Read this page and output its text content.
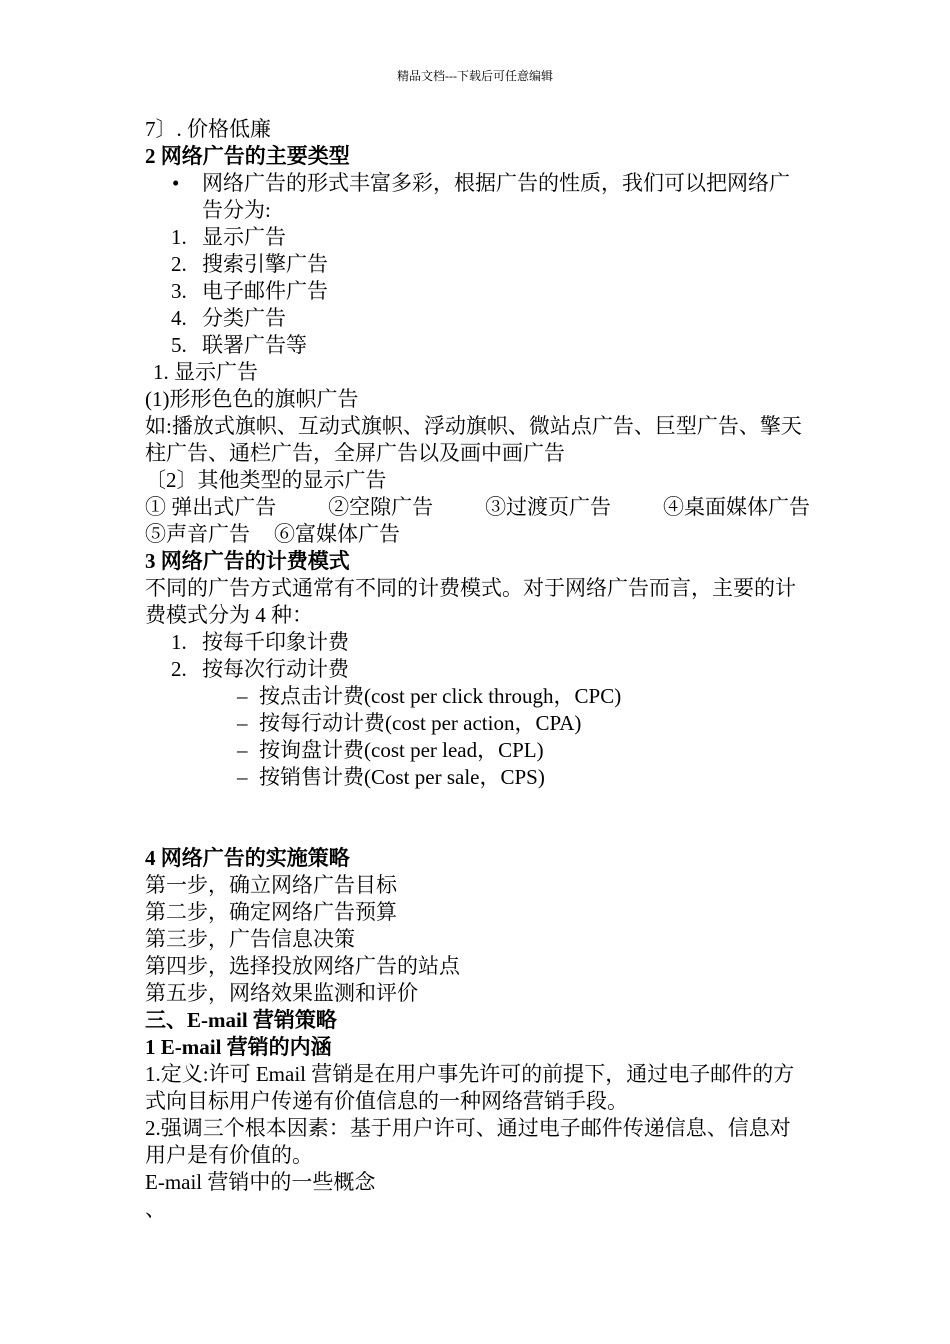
精品文档---下载后可任意编辑
7〕. 价格低廉
2 网络广告的主要类型
•	网络广告的形式丰富多彩，根据广告的性质，我们可以把网络广告分为:
1. 显示广告
2. 搜索引擎广告
3. 电子邮件广告
4. 分类广告
5. 联署广告等
1. 显示广告
(1)形形色色的旗帜广告
如:播放式旗帜、互动式旗帜、浮动旗帜、微站点广告、巨型广告、擎天柱广告、通栏广告，全屏广告以及画中画广告
〔2〕其他类型的显示广告
① 弹出式广告 ②空隙广告 ③过渡页广告 ④桌面媒体广告
⑤声音广告 ⑥富媒体广告
3 网络广告的计费模式
不同的广告方式通常有不同的计费模式。对于网络广告而言，主要的计费模式分为 4 种：
1. 按每千印象计费
2. 按每次行动计费
– 按点击计费(cost per click through，CPC)
– 按每行动计费(cost per action，CPA)
– 按询盘计费(cost per lead，CPL)
– 按销售计费(Cost per sale，CPS)
4 网络广告的实施策略
第一步，确立网络广告目标
第二步，确定网络广告预算
第三步，广告信息决策
第四步，选择投放网络广告的站点
第五步，网络效果监测和评价
三、E-mail 营销策略
1 E-mail 营销的内涵
1.定义:许可 Email 营销是在用户事先许可的前提下，通过电子邮件的方式向目标用户传递有价值信息的一种网络营销手段。
2.强调三个根本因素：基于用户许可、通过电子邮件传递信息、信息对用户是有价值的。
E-mail 营销中的一些概念
、
